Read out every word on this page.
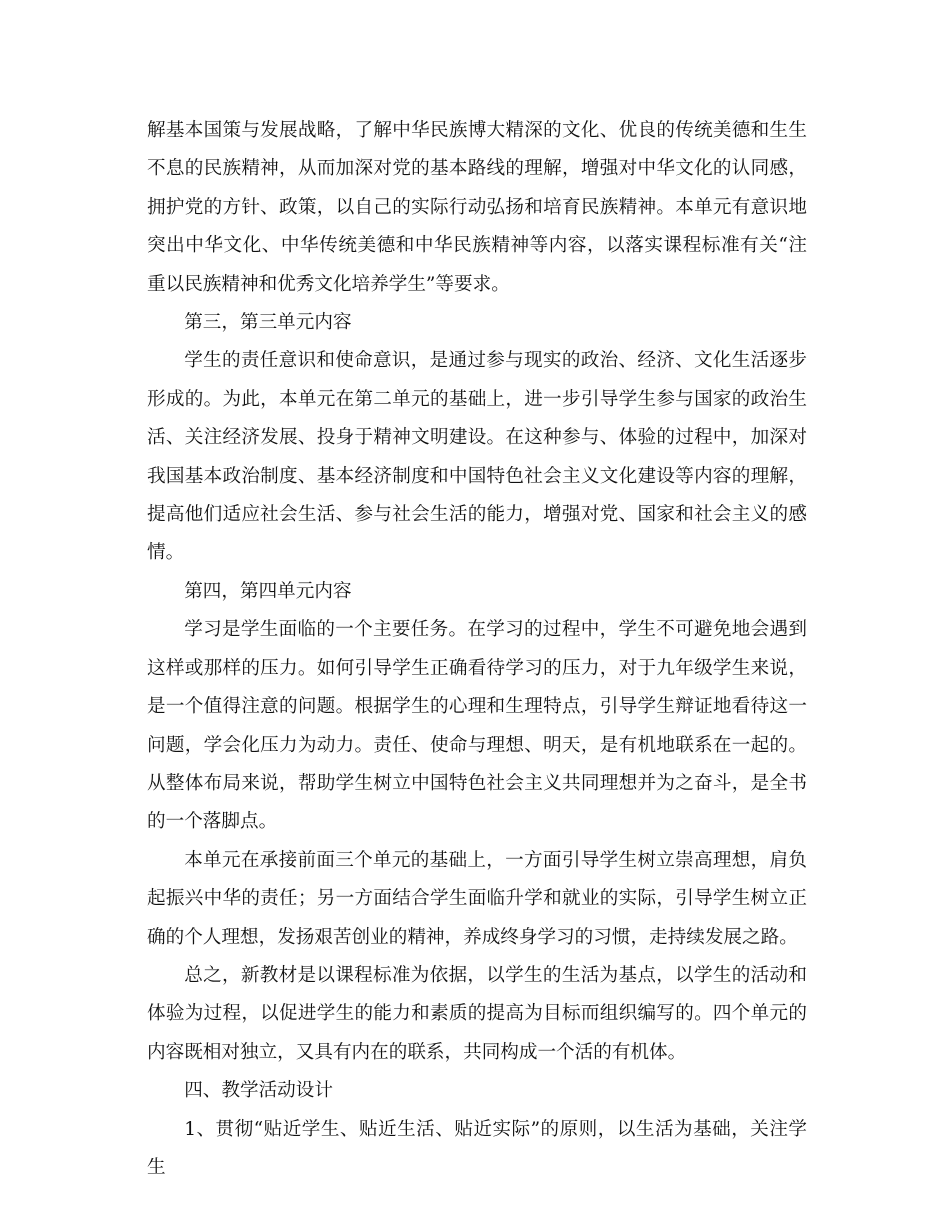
解基本国策与发展战略，了解中华民族博大精深的文化、优良的传统美德和生生不息的民族精神，从而加深对党的基本路线的理解，增强对中华文化的认同感，拥护党的方针、政策，以自己的实际行动弘扬和培育民族精神。本单元有意识地突出中华文化、中华传统美德和中华民族精神等内容，以落实课程标准有关“注重以民族精神和优秀文化培养学生”等要求。

第三，第三单元内容

学生的责任意识和使命意识，是通过参与现实的政治、经济、文化生活逐步形成的。为此，本单元在第二单元的基础上，进一步引导学生参与国家的政治生活、关注经济发展、投身于精神文明建设。在这种参与、体验的过程中，加深对我国基本政治制度、基本经济制度和中国特色社会主义文化建设等内容的理解，提高他们适应社会生活、参与社会生活的能力，增强对党、国家和社会主义的感情。

第四，第四单元内容

学习是学生面临的一个主要任务。在学习的过程中，学生不可避免地会遇到这样或那样的压力。如何引导学生正确看待学习的压力，对于九年级学生来说，是一个值得注意的问题。根据学生的心理和生理特点，引导学生辩证地看待这一问题，学会化压力为动力。责任、使命与理想、明天，是有机地联系在一起的。从整体布局来说，帮助学生树立中国特色社会主义共同理想并为之奋斗，是全书的一个落脚点。

本单元在承接前面三个单元的基础上，一方面引导学生树立崇高理想，肩负起振兴中华的责任；另一方面结合学生面临升学和就业的实际，引导学生树立正确的个人理想，发扬艰苦创业的精神，养成终身学习的习惯，走持续发展之路。

总之，新教材是以课程标准为依据，以学生的生活为基点，以学生的活动和体验为过程，以促进学生的能力和素质的提高为目标而组织编写的。四个单元的内容既相对独立，又具有内在的联系，共同构成一个活的有机体。

四、教学活动设计

1、贯彻“贴近学生、贴近生活、贴近实际”的原则，以生活为基础，关注学生
